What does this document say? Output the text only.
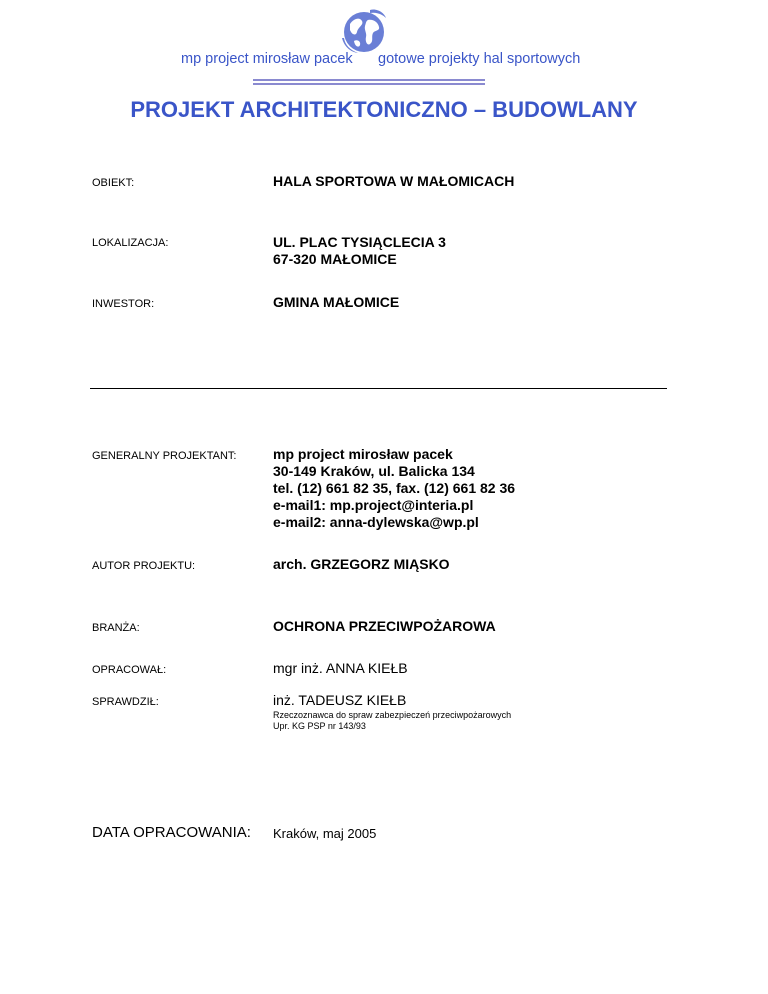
mp project mirosław pacek gotowe projekty hal sportowych
PROJEKT ARCHITEKTONICZNO – BUDOWLANY
OBIEKT:	HALA SPORTOWA W MAŁOMICACH
LOKALIZACJA:	UL. PLAC TYSIĄCLECIA 3
67-320 MAŁOMICE
INWESTOR:	GMINA MAŁOMICE
GENERALNY PROJEKTANT:	mp project mirosław pacek
30-149 Kraków, ul. Balicka 134
tel. (12) 661 82 35, fax. (12) 661 82 36
e-mail1: mp.project@interia.pl
e-mail2: anna-dylewska@wp.pl
AUTOR PROJEKTU:	arch. GRZEGORZ MIĄSKO
BRANŻA:	OCHRONA PRZECIWPOŻAROWA
OPRACOWAŁ:	mgr inż. ANNA KIEŁB
SPRAWDZIŁ:	inż. TADEUSZ KIEŁB
Rzeczoznawca do spraw zabezpieczeń przeciwpożarowych
Upr. KG PSP nr 143/93
DATA OPRACOWANIA: Kraków, maj 2005
